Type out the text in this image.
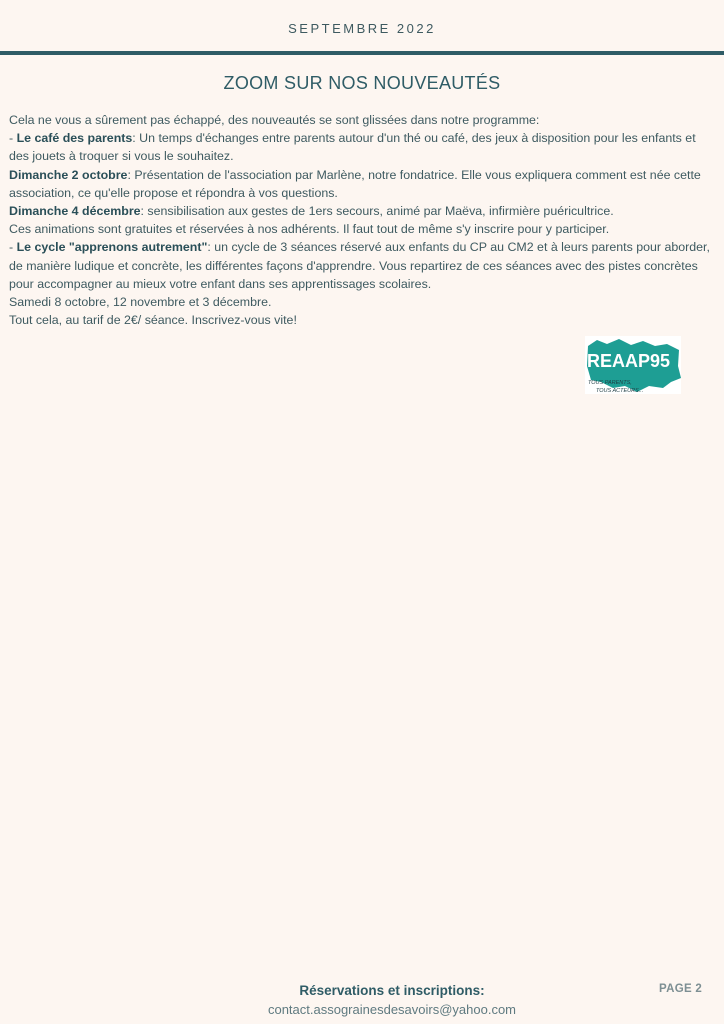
SEPTEMBRE 2022
ZOOM SUR NOS NOUVEAUTÉS

Cela ne vous a sûrement pas échappé, des nouveautés se sont glissées dans notre programme:

- Le café des parents: Un temps d'échanges entre parents autour d'un thé ou café, des jeux à disposition pour les enfants et des jouets à troquer si vous le souhaitez.

Dimanche 2 octobre: Présentation de l'association par Marlène, notre fondatrice. Elle vous expliquera comment est née cette association, ce qu'elle propose et répondra à vos questions.

Dimanche 4 décembre: sensibilisation aux gestes de 1ers secours, animé par Maëva, infirmière puéricultrice.

Ces animations sont gratuites et réservées à nos adhérents. Il faut tout de même s'y inscrire pour y participer.

- Le cycle "apprenons autrement": un cycle de 3 séances réservé aux enfants du CP au CM2 et à leurs parents pour aborder, de manière ludique et concrète, les différentes façons d'apprendre. Vous repartirez de ces séances avec des pistes concrètes pour accompagner au mieux votre enfant dans ses apprentissages scolaires.

Samedi 8 octobre, 12 novembre et 3 décembre.

Tout cela, au tarif de 2€/ séance. Inscrivez-vous vite!

REAAP95
TOUS PARENTS,
TOUS ACTEURS...
Réservations et inscriptions:
contact.assograinesdesavoirs@yahoo.com
PAGE 2
